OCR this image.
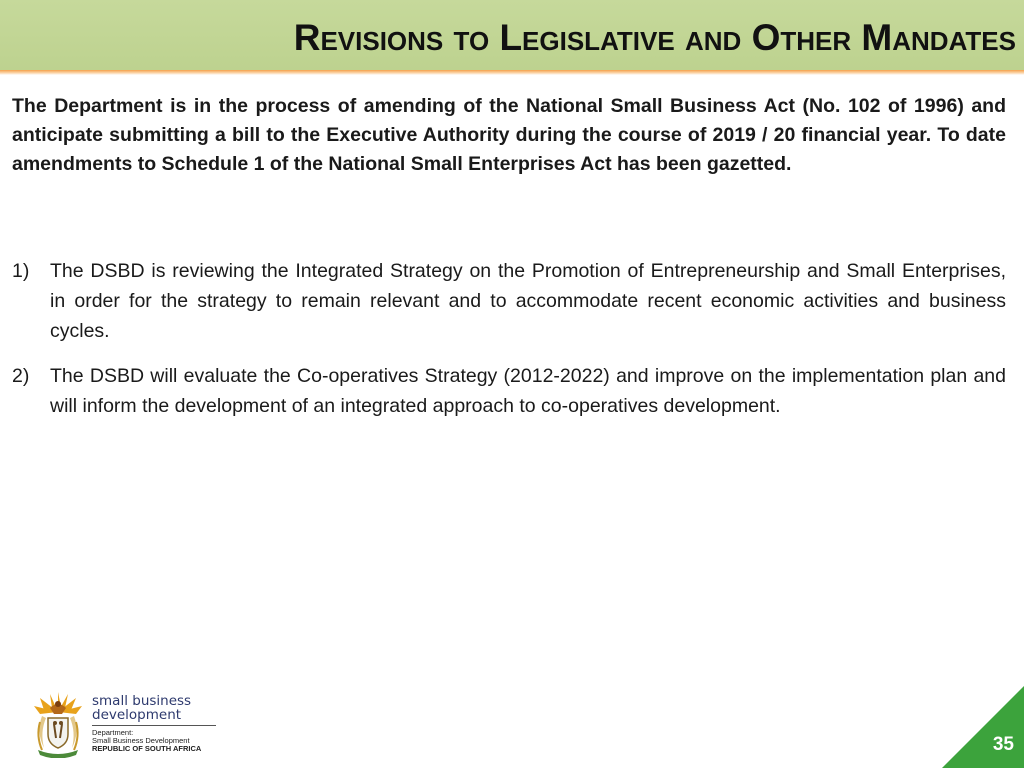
Revisions to Legislative and Other Mandates

The Department is in the process of amending of the National Small Business Act (No. 102 of 1996) and anticipate submitting a bill to the Executive Authority during the course of 2019 / 20 financial year. To date amendments to Schedule 1 of the National Small Enterprises Act has been gazetted.

1) The DSBD is reviewing the Integrated Strategy on the Promotion of Entrepreneurship and Small Enterprises, in order for the strategy to remain relevant and to accommodate recent economic activities and business cycles.
2) The DSBD will evaluate the Co-operatives Strategy (2012-2022) and improve on the implementation plan and will inform the development of an integrated approach to co-operatives development.
small business
development
Department:
Small Business Development
REPUBLIC OF SOUTH AFRICA	35
